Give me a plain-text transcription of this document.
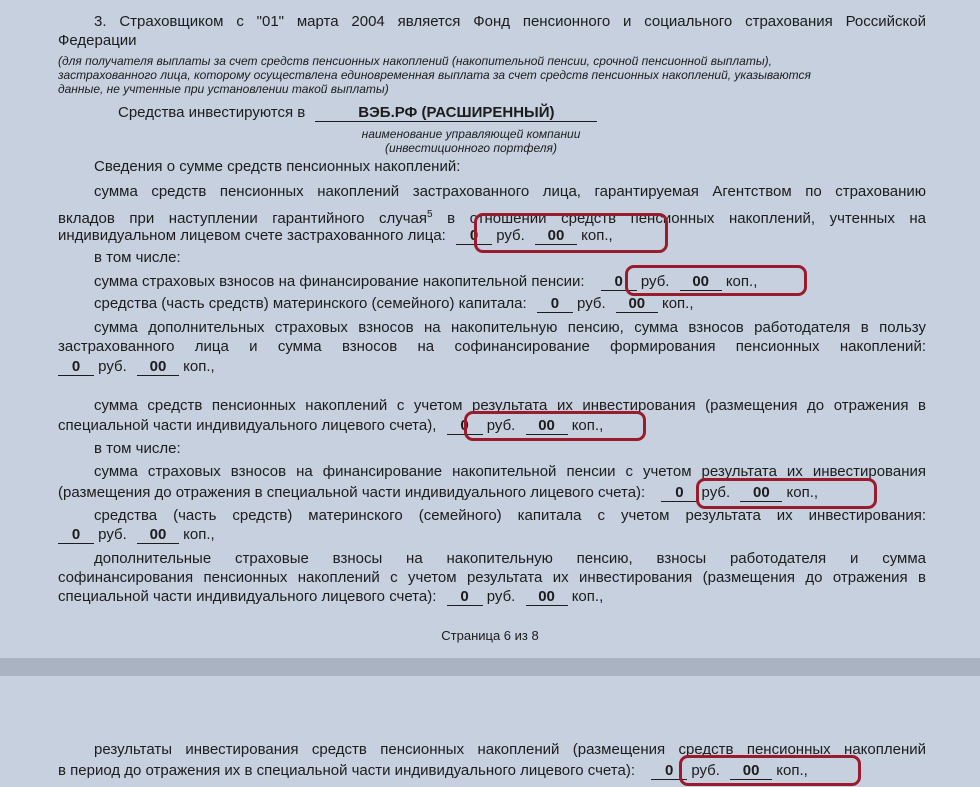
3. Страховщиком с "01" марта 2004 является Фонд пенсионного и социального страхования Российской
Федерации
(для получателя выплаты за счет средств пенсионных накоплений (накопительной пенсии, срочной пенсионной выплаты),
застрахованного лица, которому осуществлена единовременная выплата за счет средств пенсионных накоплений, указываются
данные, не учтенные при установлении такой выплаты)
Средства инвестируются в	ВЭБ.РФ (РАСШИРЕННЫЙ)
наименование управляющей компании
(инвестиционного портфеля)
Сведения о сумме средств пенсионных накоплений:
сумма средств пенсионных накоплений застрахованного лица, гарантируемая Агентством по страхованию
вкладов при наступлении гарантийного случая$^5$ в отношении средств пенсионных накоплений, учтенных на
индивидуальном лицевом счете застрахованного лица: 0 руб. 00 коп.,
в том числе:
сумма страховых взносов на финансирование накопительной пенсии: 0 руб. 00 коп.,
средства (часть средств) материнского (семейного) капитала: 0 руб. 00 коп.,
сумма дополнительных страховых взносов на накопительную пенсию, сумма взносов работодателя в пользу
застрахованного лица и сумма взносов на софинансирование формирования пенсионных накоплений:
0 руб. 00 коп.,
сумма средств пенсионных накоплений с учетом результата их инвестирования (размещения до отражения в
специальной части индивидуального лицевого счета), 0 руб. 00 коп.,
в том числе:
сумма страховых взносов на финансирование накопительной пенсии с учетом результата их инвестирования
(размещения до отражения в специальной части индивидуального лицевого счета): 0 руб. 00 коп.,
средства (часть средств) материнского (семейного) капитала с учетом результата их инвестирования:
0 руб. 00 коп.,
дополнительные страховые взносы на накопительную пенсию, взносы работодателя и сумма
софинансирования пенсионных накоплений с учетом результата их инвестирования (размещения до отражения в
специальной части индивидуального лицевого счета): 0 руб. 00 коп.,
Страница 6 из 8
результаты инвестирования средств пенсионных накоплений (размещения средств пенсионных накоплений
в период до отражения их в специальной части индивидуального лицевого счета): 0 руб. 00 коп.,
